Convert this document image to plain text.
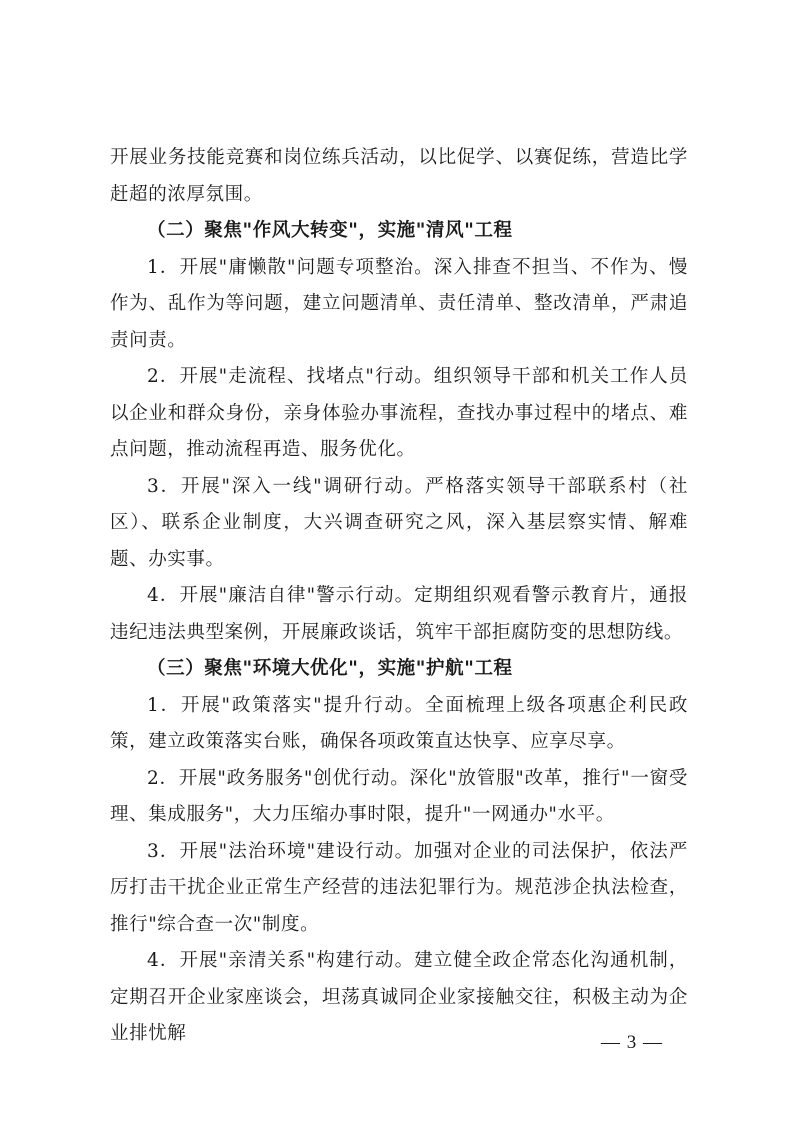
开展业务技能竞赛和岗位练兵活动，以比促学、以赛促练，营造比学赶超的浓厚氛围。

（二）聚焦"作风大转变"，实施"清风"工程

1．开展"庸懒散"问题专项整治。深入排查不担当、不作为、慢作为、乱作为等问题，建立问题清单、责任清单、整改清单，严肃追责问责。

2．开展"走流程、找堵点"行动。组织领导干部和机关工作人员以企业和群众身份，亲身体验办事流程，查找办事过程中的堵点、难点问题，推动流程再造、服务优化。

3．开展"深入一线"调研行动。严格落实领导干部联系村（社区）、联系企业制度，大兴调查研究之风，深入基层察实情、解难题、办实事。

4．开展"廉洁自律"警示行动。定期组织观看警示教育片，通报违纪违法典型案例，开展廉政谈话，筑牢干部拒腐防变的思想防线。

（三）聚焦"环境大优化"，实施"护航"工程

1．开展"政策落实"提升行动。全面梳理上级各项惠企利民政策，建立政策落实台账，确保各项政策直达快享、应享尽享。

2．开展"政务服务"创优行动。深化"放管服"改革，推行"一窗受理、集成服务"，大力压缩办事时限，提升"一网通办"水平。

3．开展"法治环境"建设行动。加强对企业的司法保护，依法严厉打击干扰企业正常生产经营的违法犯罪行为。规范涉企执法检查，推行"综合查一次"制度。

4．开展"亲清关系"构建行动。建立健全政企常态化沟通机制，定期召开企业家座谈会，坦荡真诚同企业家接触交往，积极主动为企业排忧解	— 3 —
